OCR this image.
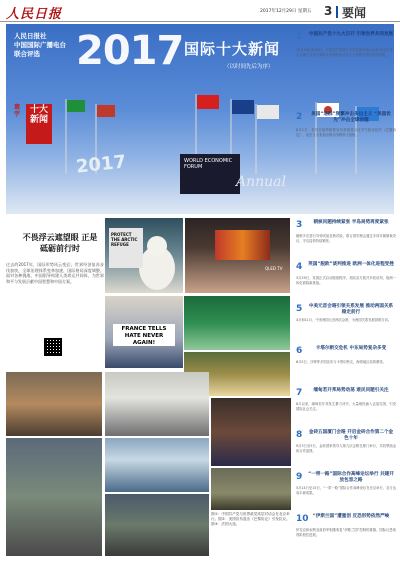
人民日报	2017年12月29日 星期五 3 要闻
人民日报社
中国国际广播电台
联合评选 2017 国际十大新闻
（以时间先后为序）
2017	WORLD ECONOMIC FORUM
Annual
寰宇	十大新闻
不畏浮云遮望眼 正是砥砺前行时
过去的2017年，国际形势风云变幻。世界经济复苏步伐加快，全球治理体系变革加速，国际格局深度调整。面对各种挑战，中国倡导构建人类命运共同体，为世界和平与发展贡献中国智慧和中国方案。
PROTECT THE ARCTIC REFUGE
QLED TV
FRANCE TELLS HATE NEVER AGAIN!
图①：中国共产党与世界政党高层对话会在北京举行。图②：美国宣布退出《巴黎协定》引发抗议。图③：法国大选。
1 中国共产党十九大召开 引领世界共同发展
10月18日至24日，中国共产党第十九次全国代表大会在北京召开。大会确立习近平新时代中国特色社会主义思想为党的指导思想。
2	美国“退群”频繁冲击多边主义 “美国优先”冲击全球治理
6月1日，美国总统特朗普宣布美国退出应对气候变化的《巴黎协定》，此后又宣布退出联合国教科文组织。
3	朝核问题持续紧张 半岛局势再度紧张
朝鲜多次进行导弹试射及核试验，联合国安理会通过多项对朝制裁决议，半岛局势持续紧张。
4 英国“脱欧”谈判推进 欧洲一体化进程受挫
3月29日，英国正式启动脱欧程序，英欧双方展开多轮谈判，欧洲一体化面临新挑战。
5 中美元首会晤引领关系发展 推动两国关系稳定前行
4月和11月，中美两国元首两次会晤，为两国关系发展指明方向。
6	卡塔尔断交危机 中东局势复杂多变
6月5日，沙特等多国宣布与卡塔尔断交，海湾地区局势紧张。
7	缅甸若开邦局势动荡 难民问题引关注
8月以来，缅甸若开邦发生暴力冲突，大量难民涌入孟加拉国，引发国际社会关注。
8 金砖五国厦门会晤 开启金砖合作第二个金色十年
9月3日至5日，金砖国家领导人第九次会晤在厦门举行，共同擘画金砖合作蓝图。
9 “一带一路”国际合作高峰论坛举行 共建开放包容之路
5月14日至15日，“一带一路”国际合作高峰论坛在北京举行，各方达成丰硕成果。
10 “伊斯兰国”遭重创 反恐形势依然严峻
伊拉克和叙利亚政府军相继收复“伊斯兰国”控制的重镇，国际反恐取得阶段性进展。
